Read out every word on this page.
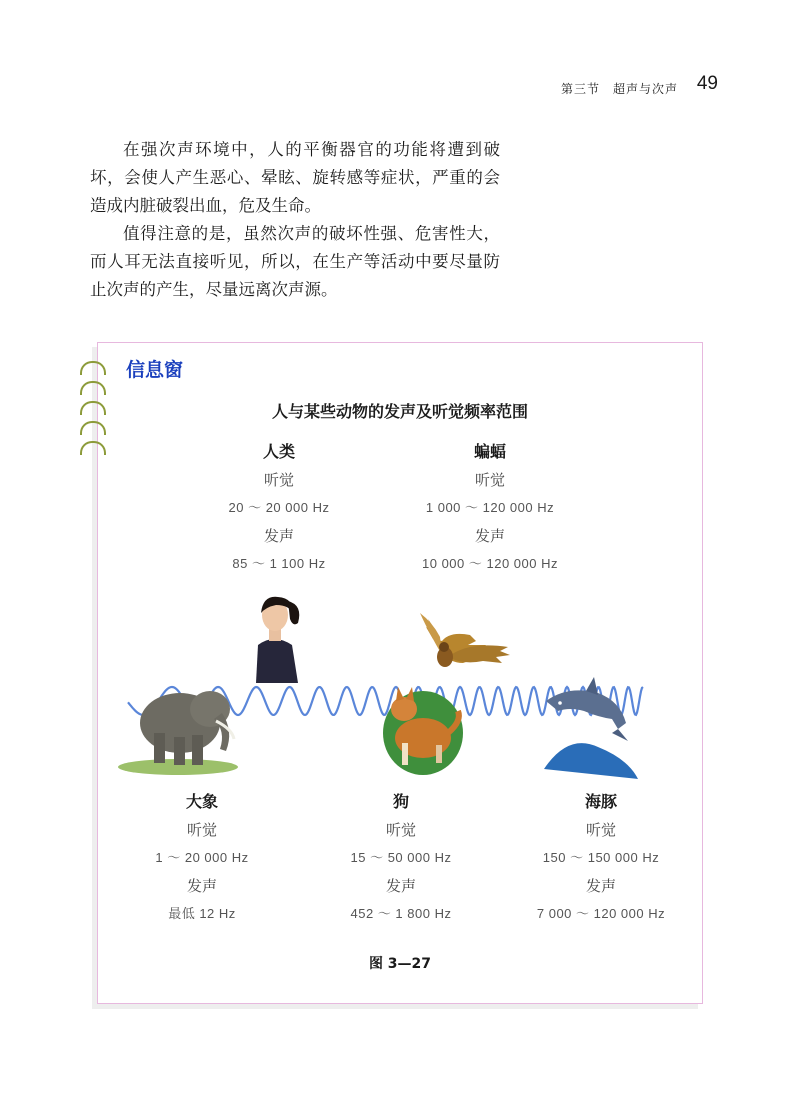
第三节　超声与次声 49

在强次声环境中，人的平衡器官的功能将遭到破坏，会使人产生恶心、晕眩、旋转感等症状，严重的会造成内脏破裂出血，危及生命。

值得注意的是，虽然次声的破坏性强、危害性大，而人耳无法直接听见，所以，在生产等活动中要尽量防止次声的产生，尽量远离次声源。

信息窗
人与某些动物的发声及听觉频率范围
人类
听觉
20 ～ 20 000 Hz
发声
85 ～ 1 100 Hz
蝙蝠
听觉
1 000 ～ 120 000 Hz
发声
10 000 ～ 120 000 Hz
大象
听觉
1 ～ 20 000 Hz
发声
最低 12 Hz
狗
听觉
15 ～ 50 000 Hz
发声
452 ～ 1 800 Hz
海豚
听觉
150 ～ 150 000 Hz
发声
7 000 ～ 120 000 Hz
图 3—27
